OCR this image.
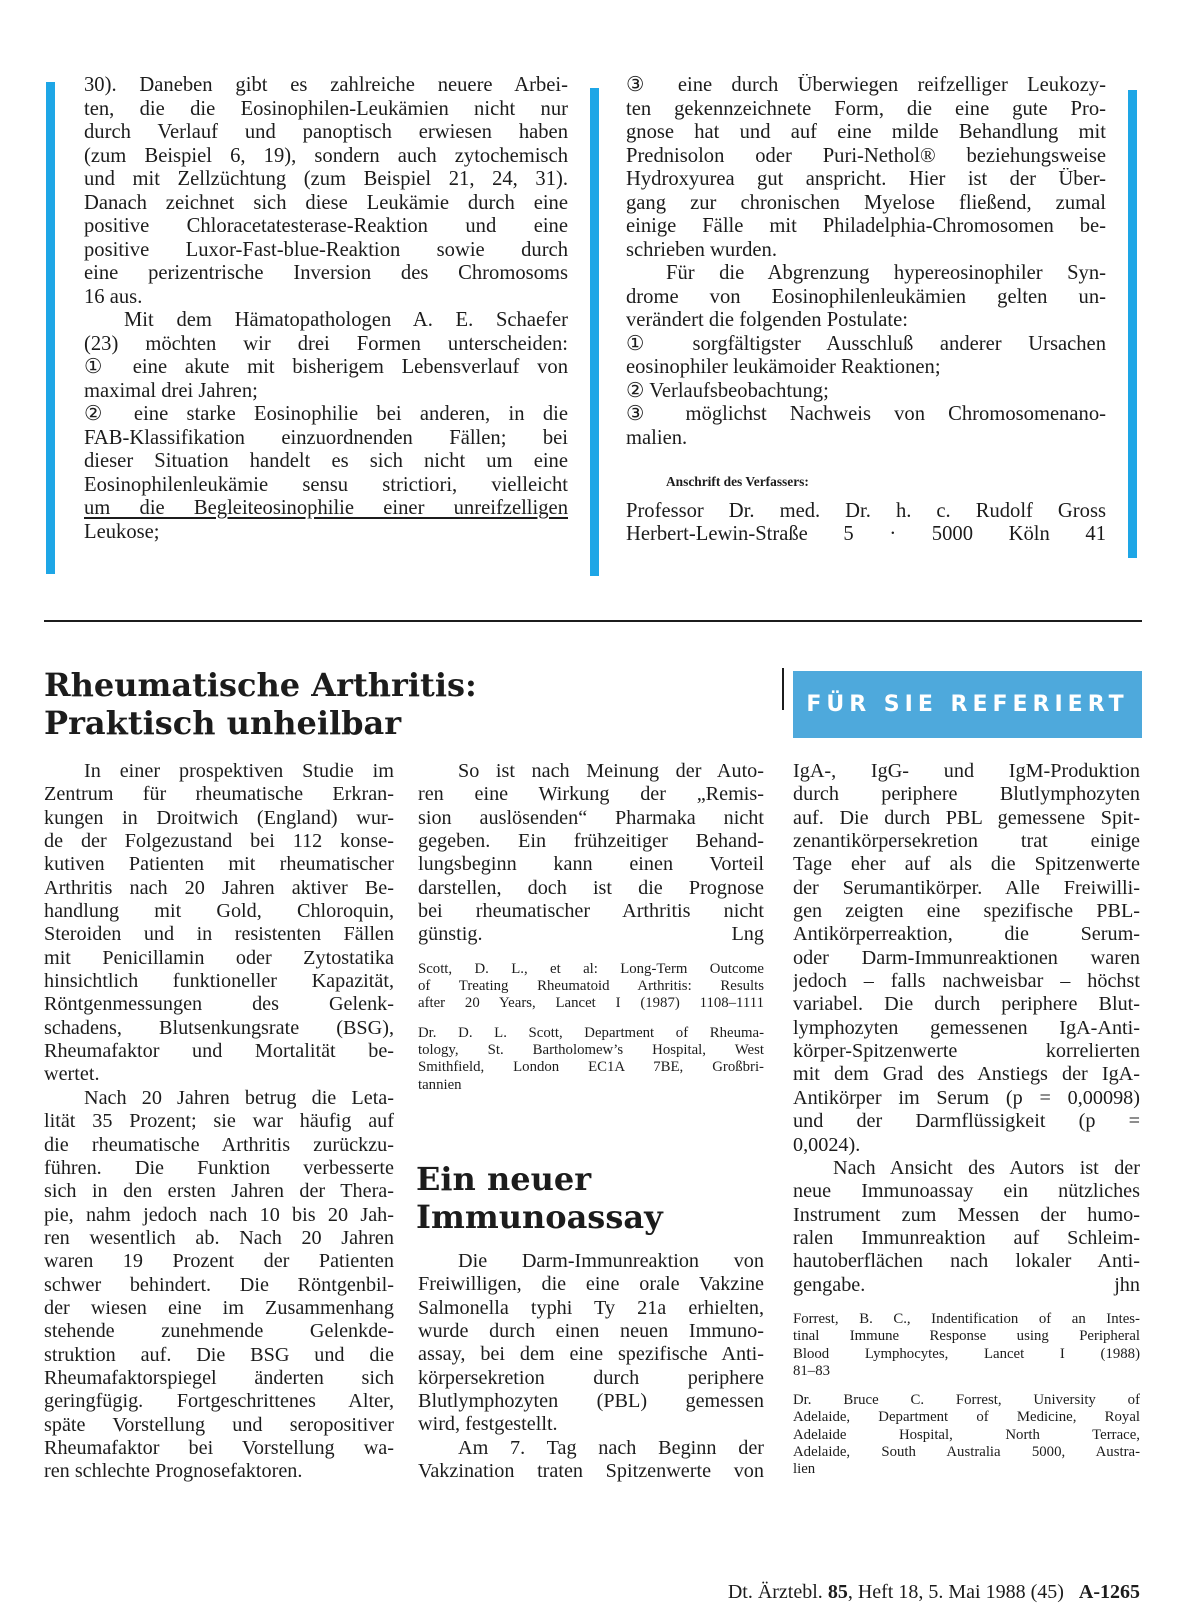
30). Daneben gibt es zahlreiche neuere Arbei-
ten, die die Eosinophilen-Leukämien nicht nur
durch Verlauf und panoptisch erwiesen haben
(zum Beispiel 6, 19), sondern auch zytochemisch
und mit Zellzüchtung (zum Beispiel 21, 24, 31).
Danach zeichnet sich diese Leukämie durch eine
positive Chloracetatesterase-Reaktion und eine
positive Luxor-Fast-blue-Reaktion sowie durch
eine perizentrische Inversion des Chromosoms
16 aus.
Mit dem Hämatopathologen A. E. Schaefer
(23) möchten wir drei Formen unterscheiden:
① eine akute mit bisherigem Lebensverlauf von
maximal drei Jahren;
② eine starke Eosinophilie bei anderen, in die
FAB-Klassifikation einzuordnenden Fällen; bei
dieser Situation handelt es sich nicht um eine
Eosinophilenleukämie sensu strictiori, vielleicht
um die Begleiteosinophilie einer unreifzelligen
Leukose;
③ eine durch Überwiegen reifzelliger Leukozy-
ten gekennzeichnete Form, die eine gute Pro-
gnose hat und auf eine milde Behandlung mit
Prednisolon oder Puri-Nethol® beziehungsweise
Hydroxyurea gut anspricht. Hier ist der Über-
gang zur chronischen Myelose fließend, zumal
einige Fälle mit Philadelphia-Chromosomen be-
schrieben wurden.
Für die Abgrenzung hypereosinophiler Syn-
drome von Eosinophilenleukämien gelten un-
verändert die folgenden Postulate:
① sorgfältigster Ausschluß anderer Ursachen
eosinophiler leukämoider Reaktionen;
② Verlaufsbeobachtung;
③ möglichst Nachweis von Chromosomenano-
malien.
Anschrift des Verfassers:
Professor Dr. med. Dr. h. c. Rudolf Gross
Herbert-Lewin-Straße 5 · 5000 Köln 41
FÜR SIE REFERIERT

Rheumatische Arthritis:

Praktisch unheilbar

In einer prospektiven Studie im
Zentrum für rheumatische Erkran-
kungen in Droitwich (England) wur-
de der Folgezustand bei 112 konse-
kutiven Patienten mit rheumatischer
Arthritis nach 20 Jahren aktiver Be-
handlung mit Gold, Chloroquin,
Steroiden und in resistenten Fällen
mit Penicillamin oder Zytostatika
hinsichtlich funktioneller Kapazität,
Röntgenmessungen des Gelenk-
schadens, Blutsenkungsrate (BSG),
Rheumafaktor und Mortalität be-
wertet.
Nach 20 Jahren betrug die Leta-
lität 35 Prozent; sie war häufig auf
die rheumatische Arthritis zurückzu-
führen. Die Funktion verbesserte
sich in den ersten Jahren der Thera-
pie, nahm jedoch nach 10 bis 20 Jah-
ren wesentlich ab. Nach 20 Jahren
waren 19 Prozent der Patienten
schwer behindert. Die Röntgenbil-
der wiesen eine im Zusammenhang
stehende zunehmende Gelenkde-
struktion auf. Die BSG und die
Rheumafaktorspiegel änderten sich
geringfügig. Fortgeschrittenes Alter,
späte Vorstellung und seropositiver
Rheumafaktor bei Vorstellung wa-
ren schlechte Prognosefaktoren.
So ist nach Meinung der Auto-
ren eine Wirkung der „Remis-
sion auslösenden“ Pharmaka nicht
gegeben. Ein frühzeitiger Behand-
lungsbeginn kann einen Vorteil
darstellen, doch ist die Prognose
bei rheumatischer Arthritis nicht
günstig.	Lng
Scott, D. L., et al: Long-Term Outcome
of Treating Rheumatoid Arthritis: Results
after 20 Years, Lancet I (1987) 1108–1111
Dr. D. L. Scott, Department of Rheuma-
tology, St. Bartholomew’s Hospital, West
Smithfield, London EC1A 7BE, Großbri-
tannien

Ein neuer

Immunoassay

Die Darm-Immunreaktion von
Freiwilligen, die eine orale Vakzine
Salmonella typhi Ty 21a erhielten,
wurde durch einen neuen Immuno-
assay, bei dem eine spezifische Anti-
körpersekretion durch periphere
Blutlymphozyten (PBL) gemessen
wird, festgestellt.
Am 7. Tag nach Beginn der
Vakzination traten Spitzenwerte von
IgA-, IgG- und IgM-Produktion
durch periphere Blutlymphozyten
auf. Die durch PBL gemessene Spit-
zenantikörpersekretion trat einige
Tage eher auf als die Spitzenwerte
der Serumantikörper. Alle Freiwilli-
gen zeigten eine spezifische PBL-
Antikörperreaktion, die Serum-
oder Darm-Immunreaktionen waren
jedoch – falls nachweisbar – höchst
variabel. Die durch periphere Blut-
lymphozyten gemessenen IgA-Anti-
körper-Spitzenwerte korrelierten
mit dem Grad des Anstiegs der IgA-
Antikörper im Serum (p = 0,00098)
und der Darmflüssigkeit (p =
0,0024).
Nach Ansicht des Autors ist der
neue Immunoassay ein nützliches
Instrument zum Messen der humo-
ralen Immunreaktion auf Schleim-
hautoberflächen nach lokaler Anti-
gengabe.	jhn
Forrest, B. C., Indentification of an Intes-
tinal Immune Response using Peripheral
Blood Lymphocytes, Lancet I (1988)
81–83
Dr. Bruce C. Forrest, University of
Adelaide, Department of Medicine, Royal
Adelaide Hospital, North Terrace,
Adelaide, South Australia 5000, Austra-
lien
Dt. Ärztebl. 85, Heft 18, 5. Mai 1988 (45) A-1265
